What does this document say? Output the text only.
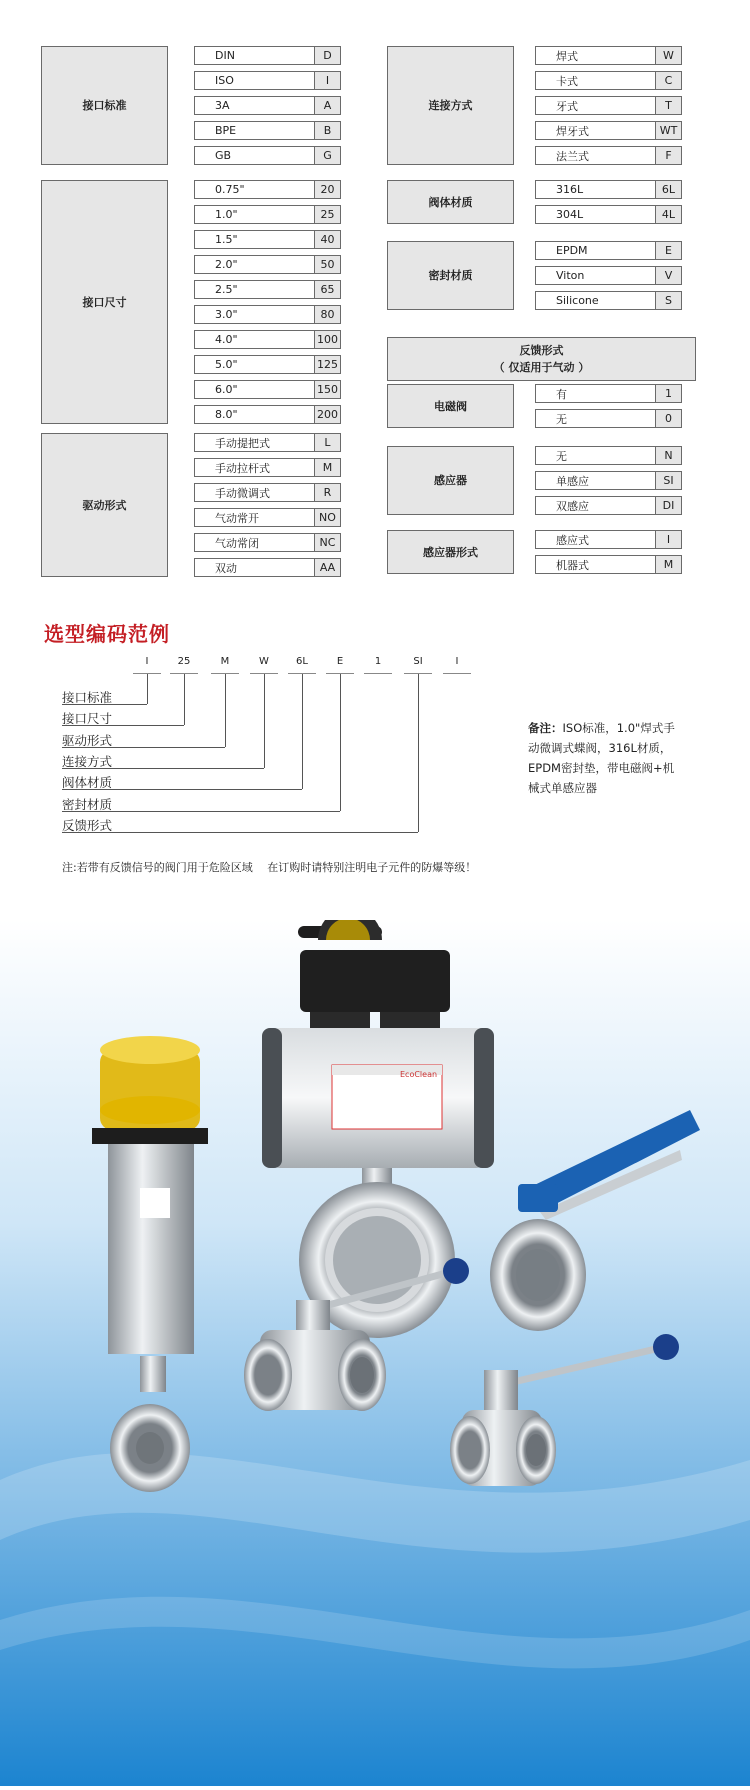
接口标准
DIN	D
ISO	I
3A	A
BPE	B
GB	G
接口尺寸
0.75"	20
1.0"	25
1.5"	40
2.0"	50
2.5"	65
3.0"	80
4.0"	100
5.0"	125
6.0"	150
8.0"	200
驱动形式
手动提把式	L
手动拉杆式	M
手动微调式	R
气动常开	NO
气动常闭	NC
双动	AA
连接方式
焊式	W
卡式	C
牙式	T
焊牙式	WT
法兰式	F
阀体材质
316L	6L
304L	4L
密封材质
EPDM	E
Viton	V
Silicone	S
电磁阀
有	1
无	0
感应器
无	N
单感应	SI
双感应	DI
感应器形式
感应式	I
机器式	M
反馈形式
（ 仅适用于气动 ）
选型编码范例
I	25	M	W	6L	E	1	SI	I
接口标准
接口尺寸
驱动形式
连接方式
阀体材质
密封材质
反馈形式
备注：ISO标准，1.0"焊式手
动微调式蝶阀，316L材质，
EPDM密封垫，带电磁阀+机
械式单感应器
注:若带有反馈信号的阀门用于危险区域　 在订购时请特别注明电子元件的防爆等级！
EcoClean
